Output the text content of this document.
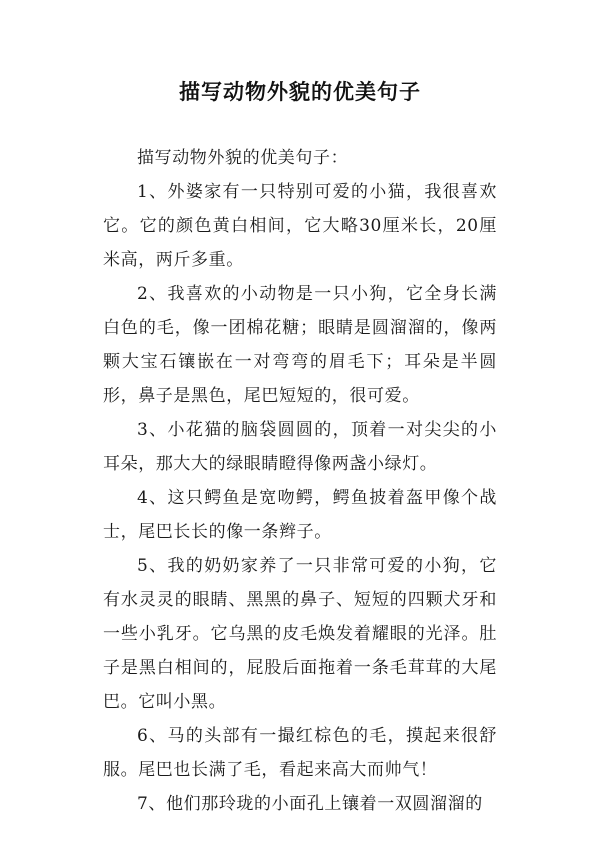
描写动物外貌的优美句子

描写动物外貌的优美句子：

1、外婆家有一只特别可爱的小猫，我很喜欢它。它的颜色黄白相间，它大略30厘米长，20厘米高，两斤多重。

2、我喜欢的小动物是一只小狗，它全身长满白色的毛，像一团棉花糖；眼睛是圆溜溜的，像两颗大宝石镶嵌在一对弯弯的眉毛下；耳朵是半圆形，鼻子是黑色，尾巴短短的，很可爱。

3、小花猫的脑袋圆圆的，顶着一对尖尖的小耳朵，那大大的绿眼睛瞪得像两盏小绿灯。

4、这只鳄鱼是宽吻鳄，鳄鱼披着盔甲像个战士，尾巴长长的像一条辫子。

5、我的奶奶家养了一只非常可爱的小狗，它有水灵灵的眼睛、黑黑的鼻子、短短的四颗犬牙和一些小乳牙。它乌黑的皮毛焕发着耀眼的光泽。肚子是黑白相间的，屁股后面拖着一条毛茸茸的大尾巴。它叫小黑。

6、马的头部有一撮红棕色的毛，摸起来很舒服。尾巴也长满了毛，看起来高大而帅气！

7、他们那玲珑的小面孔上镶着一双圆溜溜的
